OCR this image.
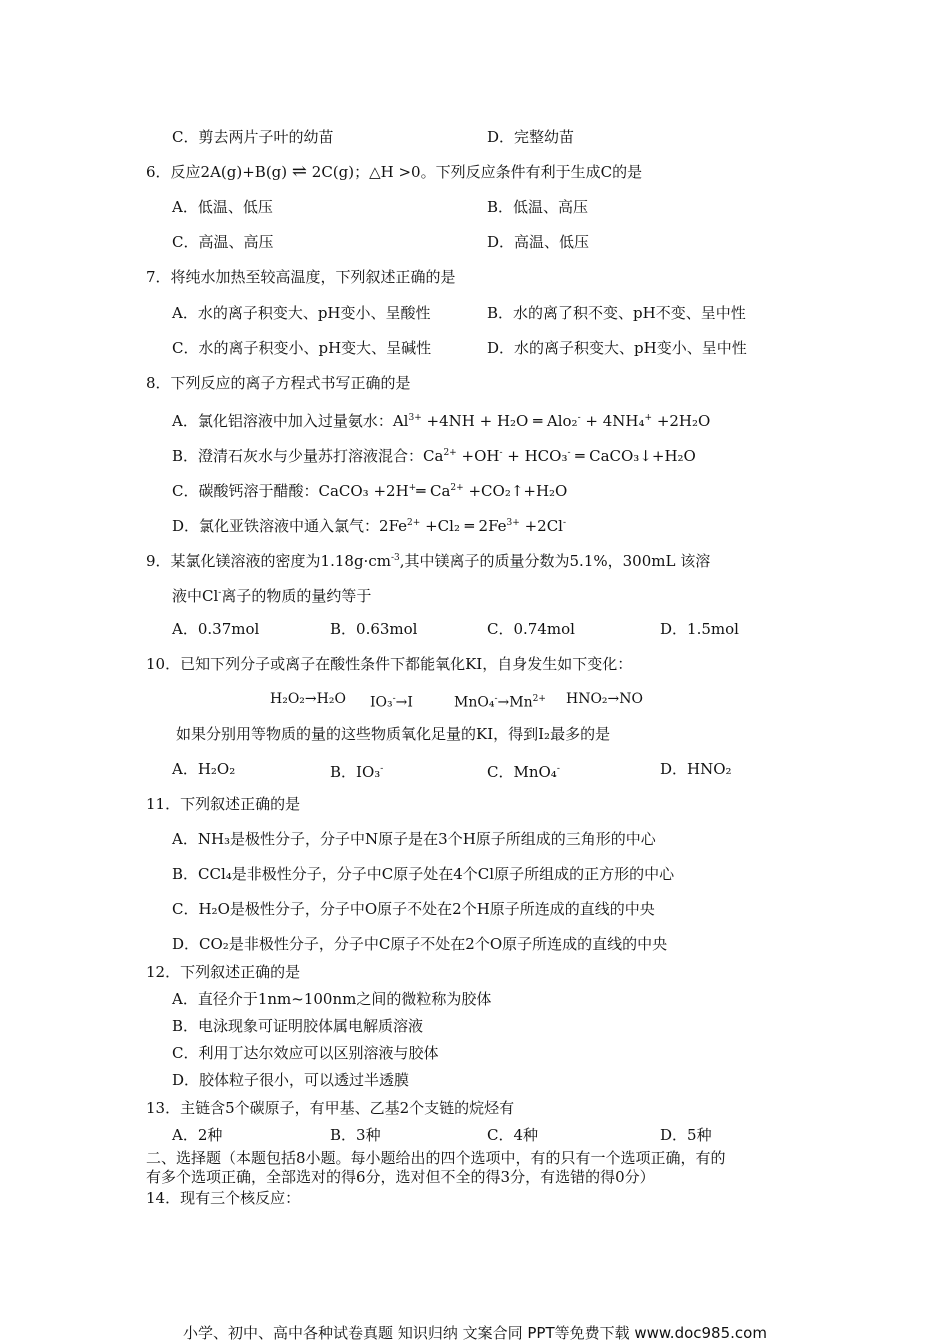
C．剪去两片子叶的幼苗	D．完整幼苗
6．反应2A(g)+B(g) ⇌ 2C(g)；△H >0。下列反应条件有利于生成C的是
A．低温、低压	B．低温、高压
C．高温、高压	D．高温、低压
7．将纯水加热至较高温度，下列叙述正确的是
A．水的离子积变大、pH变小、呈酸性	B．水的离了积不变、pH不变、呈中性
C．水的离子积变小、pH变大、呈碱性	D．水的离子积变大、pH变小、呈中性
8．下列反应的离子方程式书写正确的是
A．氯化铝溶液中加入过量氨水：$Al^{3+} +4NH + H_2O$ ═ Alo₂- + 4NH₄+ +2H₂O
B．澄清石灰水与少量苏打溶液混合：$Ca^{2+} +OH^- + HCO_3^-$ ═ CaCO₃↓+H₂O
C．碳酸钙溶于醋酸：CaCO₃ +2H+═ $Ca^{2+}$ +CO₂↑+H₂O
D．氯化亚铁溶液中通入氯气：$2Fe^{2+} +Cl_2$ ═ $2Fe^{3+} +2Cl^-$
9．某氯化镁溶液的密度为$1.18g\cdot cm^{-3}$,其中镁离子的质量分数为5.1%，300mL 该溶
液中Cl-离子的物质的量约等于
A．0.37mol	B．0.63mol	C．0.74mol	D．1.5mol
10．已知下列分子或离子在酸性条件下都能氧化KI，自身发生如下变化：
H₂O₂→H₂O IO₃-→I	$MnO_4^-\to Mn^{2+}$ HNO₂→NO
如果分别用等物质的量的这些物质氧化足量的KI，得到I₂最多的是
A．H₂O₂	B．IO₃-	C．MnO₄-	D．HNO₂
11．下列叙述正确的是
A．NH₃是极性分子，分子中N原子是在3个H原子所组成的三角形的中心
B．CCl₄是非极性分子，分子中C原子处在4个Cl原子所组成的正方形的中心
C．H₂O是极性分子，分子中O原子不处在2个H原子所连成的直线的中央
D．CO₂是非极性分子，分子中C原子不处在2个O原子所连成的直线的中央
12．下列叙述正确的是
A．直径介于1nm~100nm之间的微粒称为胶体
B．电泳现象可证明胶体属电解质溶液
C．利用丁达尔效应可以区别溶液与胶体
D．胶体粒子很小，可以透过半透膜
13．主链含5个碳原子，有甲基、乙基2个支链的烷烃有
A．2种	B．3种	C．4种	D．5种
二、选择题（本题包括8小题。每小题给出的四个选项中，有的只有一个选项正确，有的
有多个选项正确，全部选对的得6分，选对但不全的得3分，有选错的得0分）
14．现有三个核反应：
小学、初中、高中各种试卷真题 知识归纳 文案合同 PPT等免费下载 www.doc985.com
